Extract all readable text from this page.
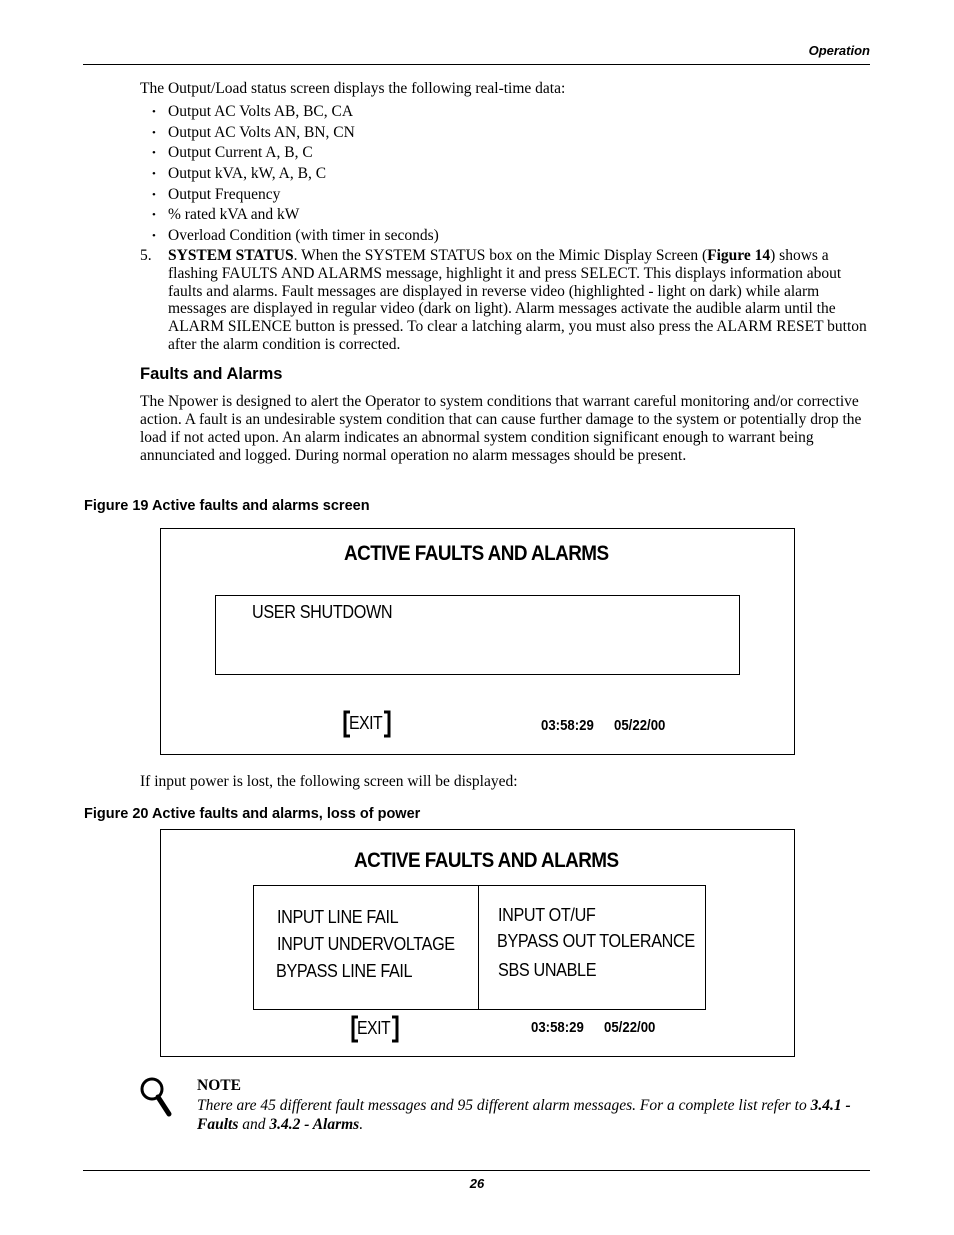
Operation
The Output/Load status screen displays the following real-time data:
• Output AC Volts AB, BC, CA
• Output AC Volts AN, BN, CN
• Output Current A, B, C
• Output kVA, kW, A, B, C
• Output Frequency
• % rated kVA and kW
• Overload Condition (with timer in seconds)
5. SYSTEM STATUS. When the SYSTEM STATUS box on the Mimic Display Screen (Figure 14) shows a flashing FAULTS AND ALARMS message, highlight it and press SELECT. This displays information about faults and alarms. Fault messages are displayed in reverse video (highlighted - light on dark) while alarm messages are displayed in regular video (dark on light). Alarm messages activate the audible alarm until the ALARM SILENCE button is pressed. To clear a latching alarm, you must also press the ALARM RESET button after the alarm condition is corrected.
Faults and Alarms
The Npower is designed to alert the Operator to system conditions that warrant careful monitoring and/or corrective action. A fault is an undesirable system condition that can cause further damage to the system or potentially drop the load if not acted upon. An alarm indicates an abnormal system condition significant enough to warrant being annunciated and logged. During normal operation no alarm messages should be present.
Figure 19 Active faults and alarms screen
ACTIVE FAULTS AND ALARMS
USER SHUTDOWN
EXIT	03:58:29 05/22/00
If input power is lost, the following screen will be displayed:
Figure 20 Active faults and alarms, loss of power
ACTIVE FAULTS AND ALARMS
INPUT LINE FAIL
INPUT UNDERVOLTAGE
BYPASS LINE FAIL
INPUT OT/UF
BYPASS OUT TOLERANCE
SBS UNABLE
EXIT	03:58:29 05/22/00
NOTE
There are 45 different fault messages and 95 different alarm messages. For a complete list refer to 3.4.1 - Faults and 3.4.2 - Alarms.
26
